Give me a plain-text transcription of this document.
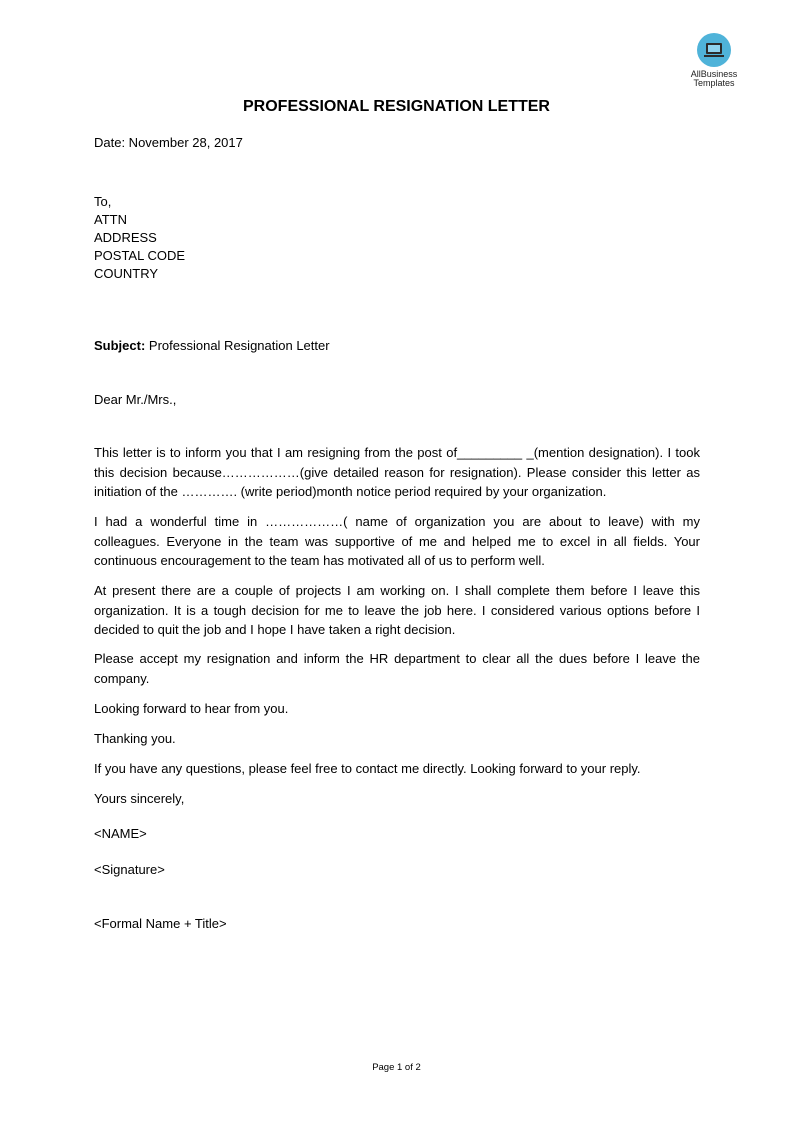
AllBusiness
Templates
PROFESSIONAL RESIGNATION LETTER
Date: November 28, 2017
To,
ATTN
ADDRESS
POSTAL CODE
COUNTRY
Subject: Professional Resignation Letter
Dear Mr./Mrs.,

This letter is to inform you that I am resigning from the post of_________ _(mention designation). I took this decision because………………(give detailed reason for resignation). Please consider this letter as initiation of the …………. (write period)month notice period required by your organization.

I had a wonderful time in ………………( name of organization you are about to leave) with my colleagues. Everyone in the team was supportive of me and helped me to excel in all fields. Your continuous encouragement to the team has motivated all of us to perform well.

At present there are a couple of projects I am working on. I shall complete them before I leave this organization. It is a tough decision for me to leave the job here. I considered various options before I decided to quit the job and I hope I have taken a right decision.

Please accept my resignation and inform the HR department to clear all the dues before I leave the company.

Looking forward to hear from you.

Thanking you.

If you have any questions, please feel free to contact me directly. Looking forward to your reply.

Yours sincerely,

<NAME>
<Signature>
<Formal Name + Title>
Page 1 of 2
